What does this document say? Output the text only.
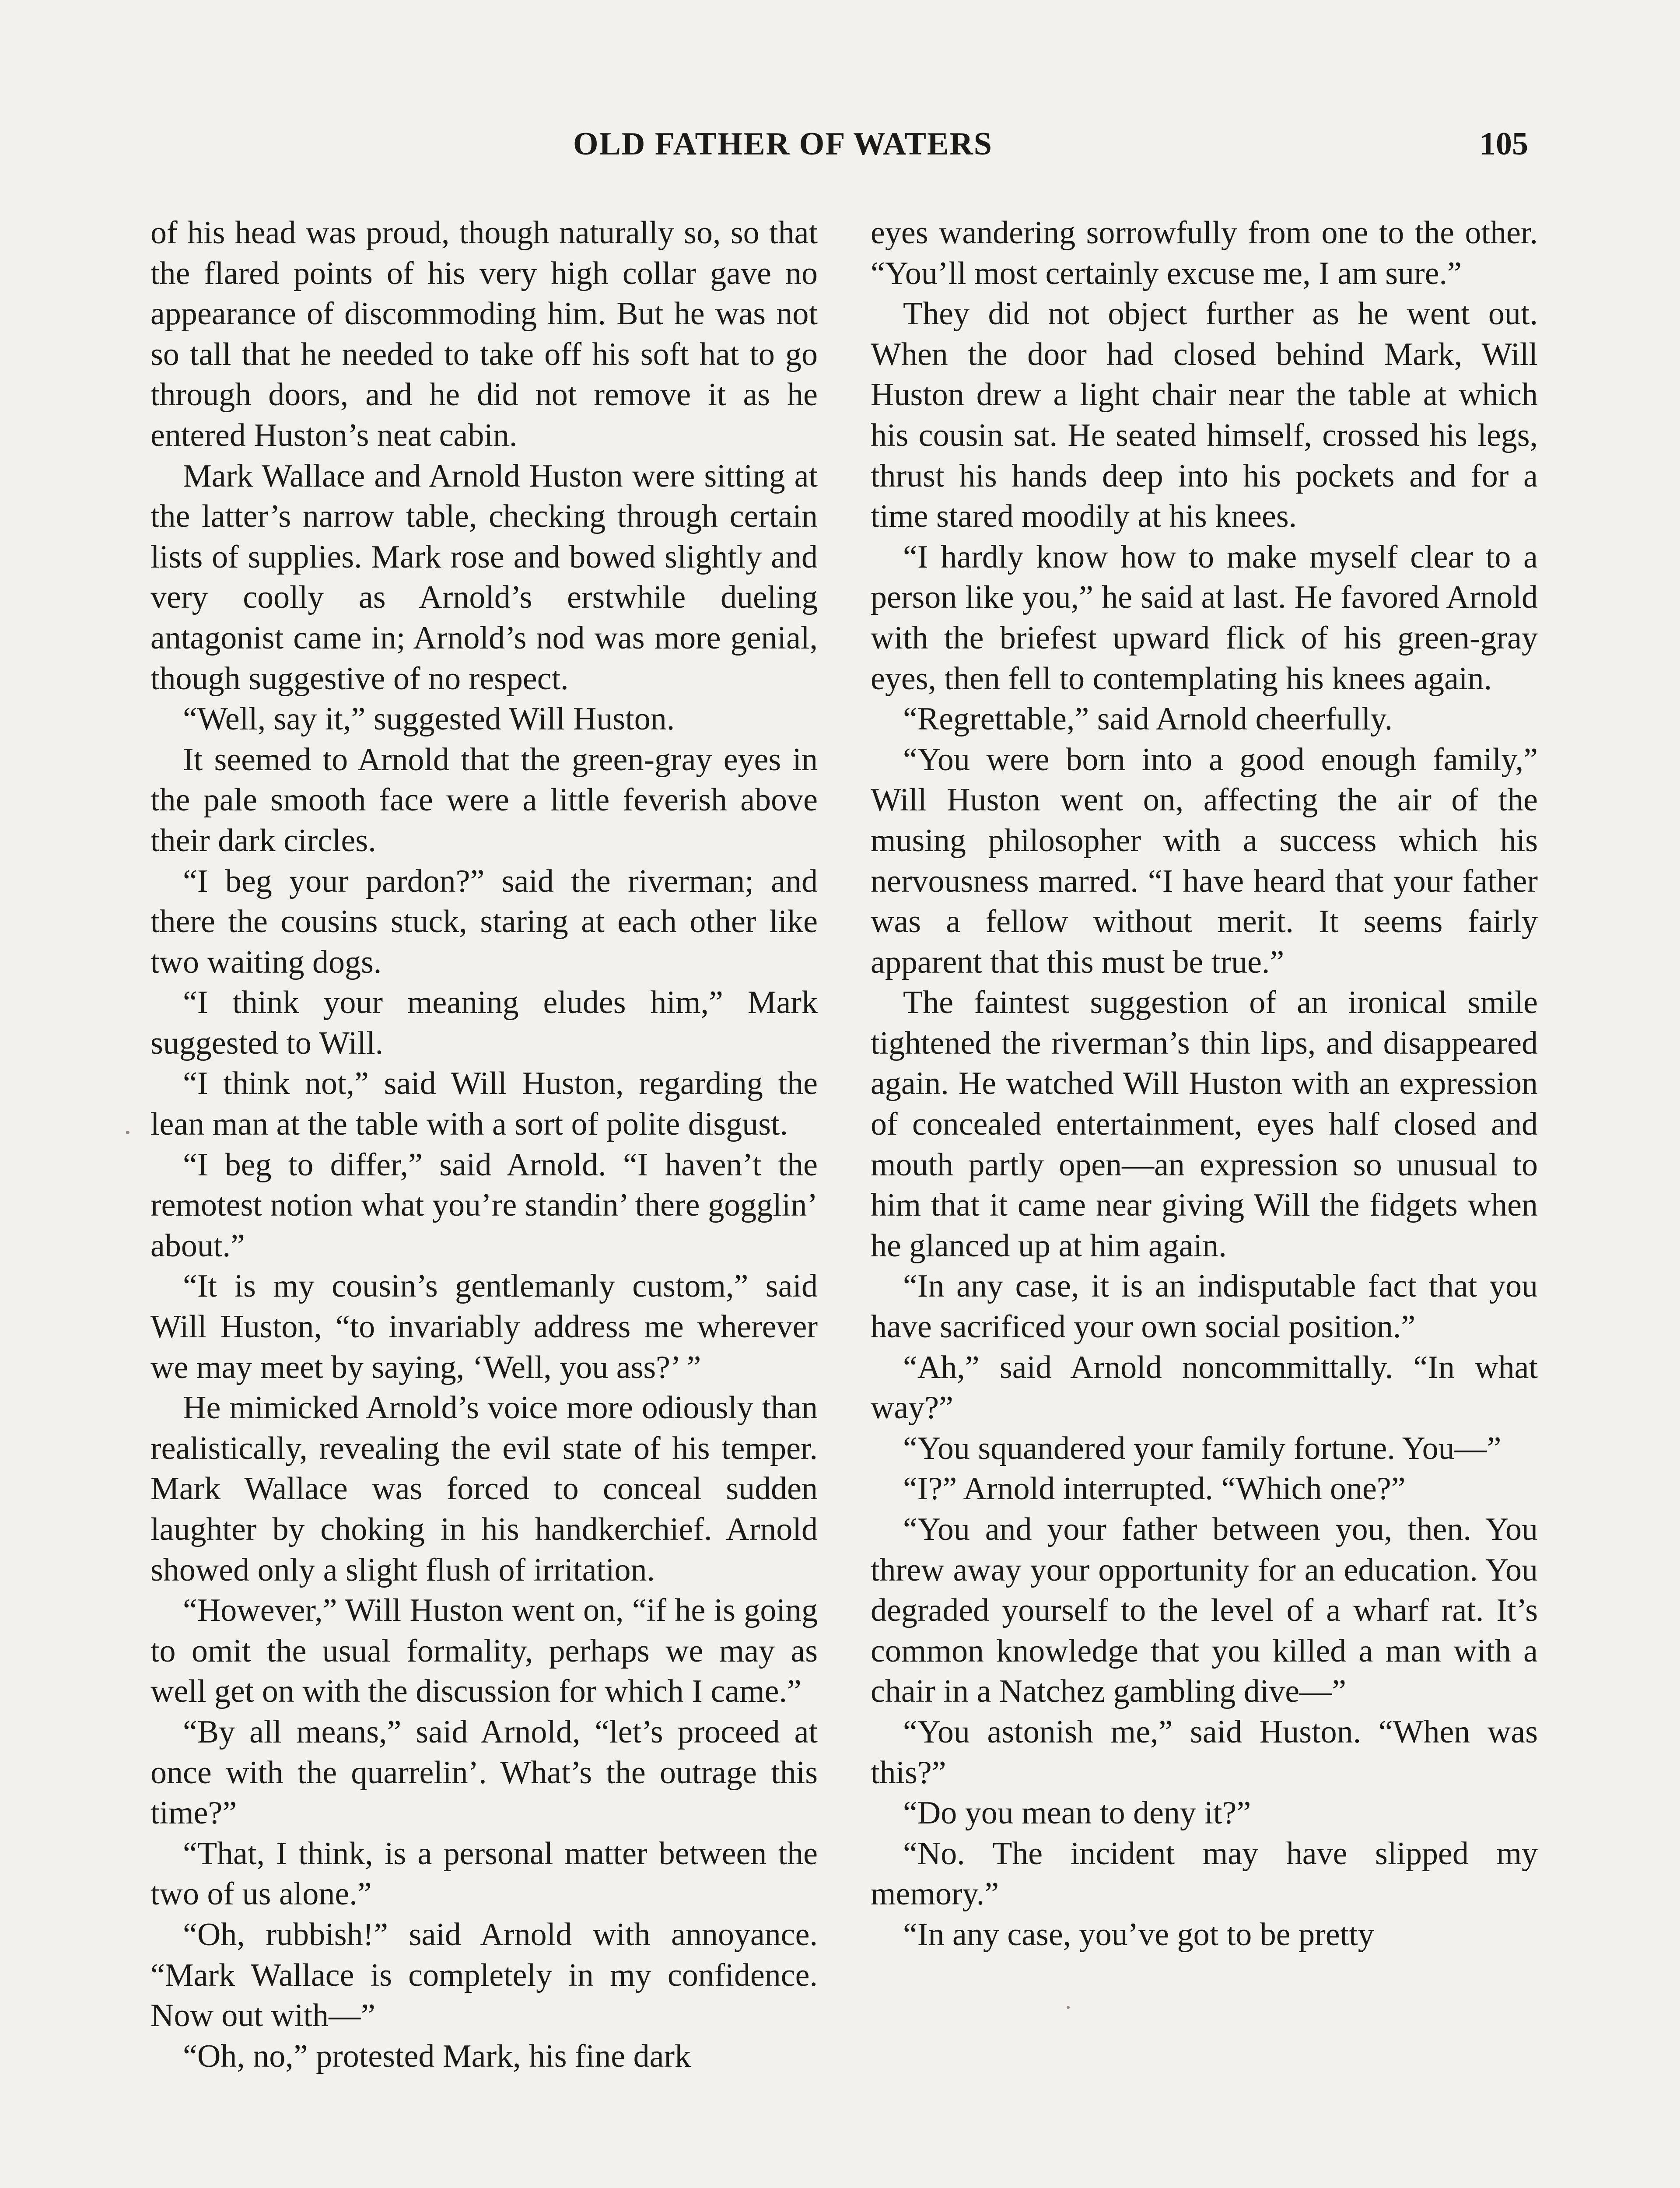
OLD FATHER OF WATERS	105

of his head was proud, though naturally so, so that the flared points of his very high collar gave no appearance of discommoding him. But he was not so tall that he needed to take off his soft hat to go through doors, and he did not remove it as he entered Huston’s neat cabin.

Mark Wallace and Arnold Huston were sitting at the latter’s narrow table, checking through certain lists of supplies. Mark rose and bowed slightly and very coolly as Arnold’s erstwhile dueling antagonist came in; Arnold’s nod was more genial, though suggestive of no respect.

“Well, say it,” suggested Will Huston.

It seemed to Arnold that the green-gray eyes in the pale smooth face were a little feverish above their dark circles.

“I beg your pardon?” said the riverman; and there the cousins stuck, staring at each other like two waiting dogs.

“I think your meaning eludes him,” Mark suggested to Will.

“I think not,” said Will Huston, regarding the lean man at the table with a sort of polite disgust.

“I beg to differ,” said Arnold. “I haven’t the remotest notion what you’re standin’ there gogglin’ about.”

“It is my cousin’s gentlemanly custom,” said Will Huston, “to invariably address me wherever we may meet by saying, ‘Well, you ass?’ ”

He mimicked Arnold’s voice more odiously than realistically, revealing the evil state of his temper. Mark Wallace was forced to conceal sudden laughter by choking in his handkerchief. Arnold showed only a slight flush of irritation.

“However,” Will Huston went on, “if he is going to omit the usual formality, perhaps we may as well get on with the discussion for which I came.”

“By all means,” said Arnold, “let’s proceed at once with the quarrelin’. What’s the outrage this time?”

“That, I think, is a personal matter between the two of us alone.”

“Oh, rubbish!” said Arnold with annoyance. “Mark Wallace is completely in my confidence. Now out with—”

“Oh, no,” protested Mark, his fine dark

eyes wandering sorrowfully from one to the other. “You’ll most certainly excuse me, I am sure.”

They did not object further as he went out. When the door had closed behind Mark, Will Huston drew a light chair near the table at which his cousin sat. He seated himself, crossed his legs, thrust his hands deep into his pockets and for a time stared moodily at his knees.

“I hardly know how to make myself clear to a person like you,” he said at last. He favored Arnold with the briefest upward flick of his green-gray eyes, then fell to contemplating his knees again.

“Regrettable,” said Arnold cheerfully.

“You were born into a good enough family,” Will Huston went on, affecting the air of the musing philosopher with a success which his nervousness marred. “I have heard that your father was a fellow without merit. It seems fairly apparent that this must be true.”

The faintest suggestion of an ironical smile tightened the riverman’s thin lips, and disappeared again. He watched Will Huston with an expression of concealed entertainment, eyes half closed and mouth partly open—an expression so unusual to him that it came near giving Will the fidgets when he glanced up at him again.

“In any case, it is an indisputable fact that you have sacrificed your own social position.”

“Ah,” said Arnold noncommittally. “In what way?”

“You squandered your family fortune. You—”

“I?” Arnold interrupted. “Which one?”

“You and your father between you, then. You threw away your opportunity for an education. You degraded yourself to the level of a wharf rat. It’s common knowledge that you killed a man with a chair in a Natchez gambling dive—”

“You astonish me,” said Huston. “When was this?”

“Do you mean to deny it?”

“No. The incident may have slipped my memory.”

“In any case, you’ve got to be pretty
